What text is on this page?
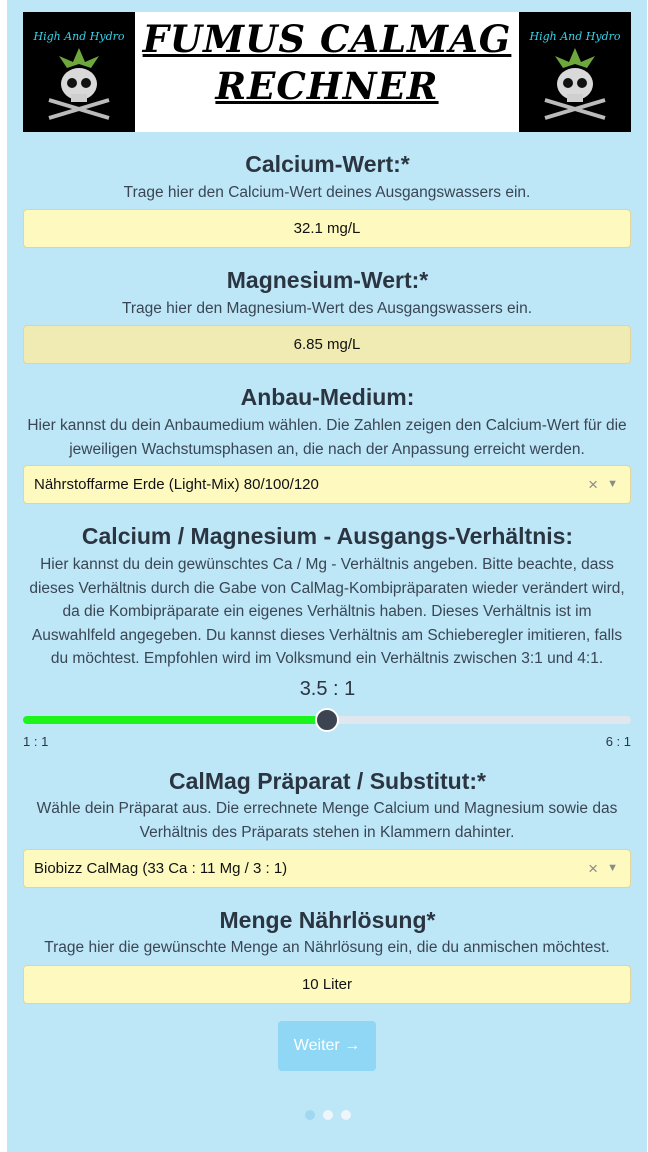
High And Hydro FUMUS CALMAG
RECHNER
High And Hydro
Calcium-Wert:*
Trage hier den Calcium-Wert deines Ausgangswassers ein.
32.1 mg/L
Magnesium-Wert:*
Trage hier den Magnesium-Wert des Ausgangswassers ein.
6.85 mg/L
Anbau-Medium:
Hier kannst du dein Anbaumedium wählen. Die Zahlen zeigen den Calcium-Wert für die jeweiligen Wachstumsphasen an, die nach der Anpassung erreicht werden.
Nährstoffarme Erde (Light-Mix) 80/100/120	× ▼
Calcium / Magnesium - Ausgangs-Verhältnis:
Hier kannst du dein gewünschtes Ca / Mg - Verhältnis angeben. Bitte beachte, dass dieses Verhältnis durch die Gabe von CalMag-Kombipräparaten wieder verändert wird, da die Kombipräparate ein eigenes Verhältnis haben. Dieses Verhältnis ist im Auswahlfeld angegeben. Du kannst dieses Verhältnis am Schieberegler imitieren, falls du möchtest. Empfohlen wird im Volksmund ein Verhältnis zwischen 3:1 und 4:1.
3.5 : 1
1 : 1	6 : 1
CalMag Präparat / Substitut:*
Wähle dein Präparat aus. Die errechnete Menge Calcium und Magnesium sowie das Verhältnis des Präparats stehen in Klammern dahinter.
Biobizz CalMag (33 Ca : 11 Mg / 3 : 1)	× ▼
Menge Nährlösung*
Trage hier die gewünschte Menge an Nährlösung ein, die du anmischen möchtest.
10 Liter
Weiter →
